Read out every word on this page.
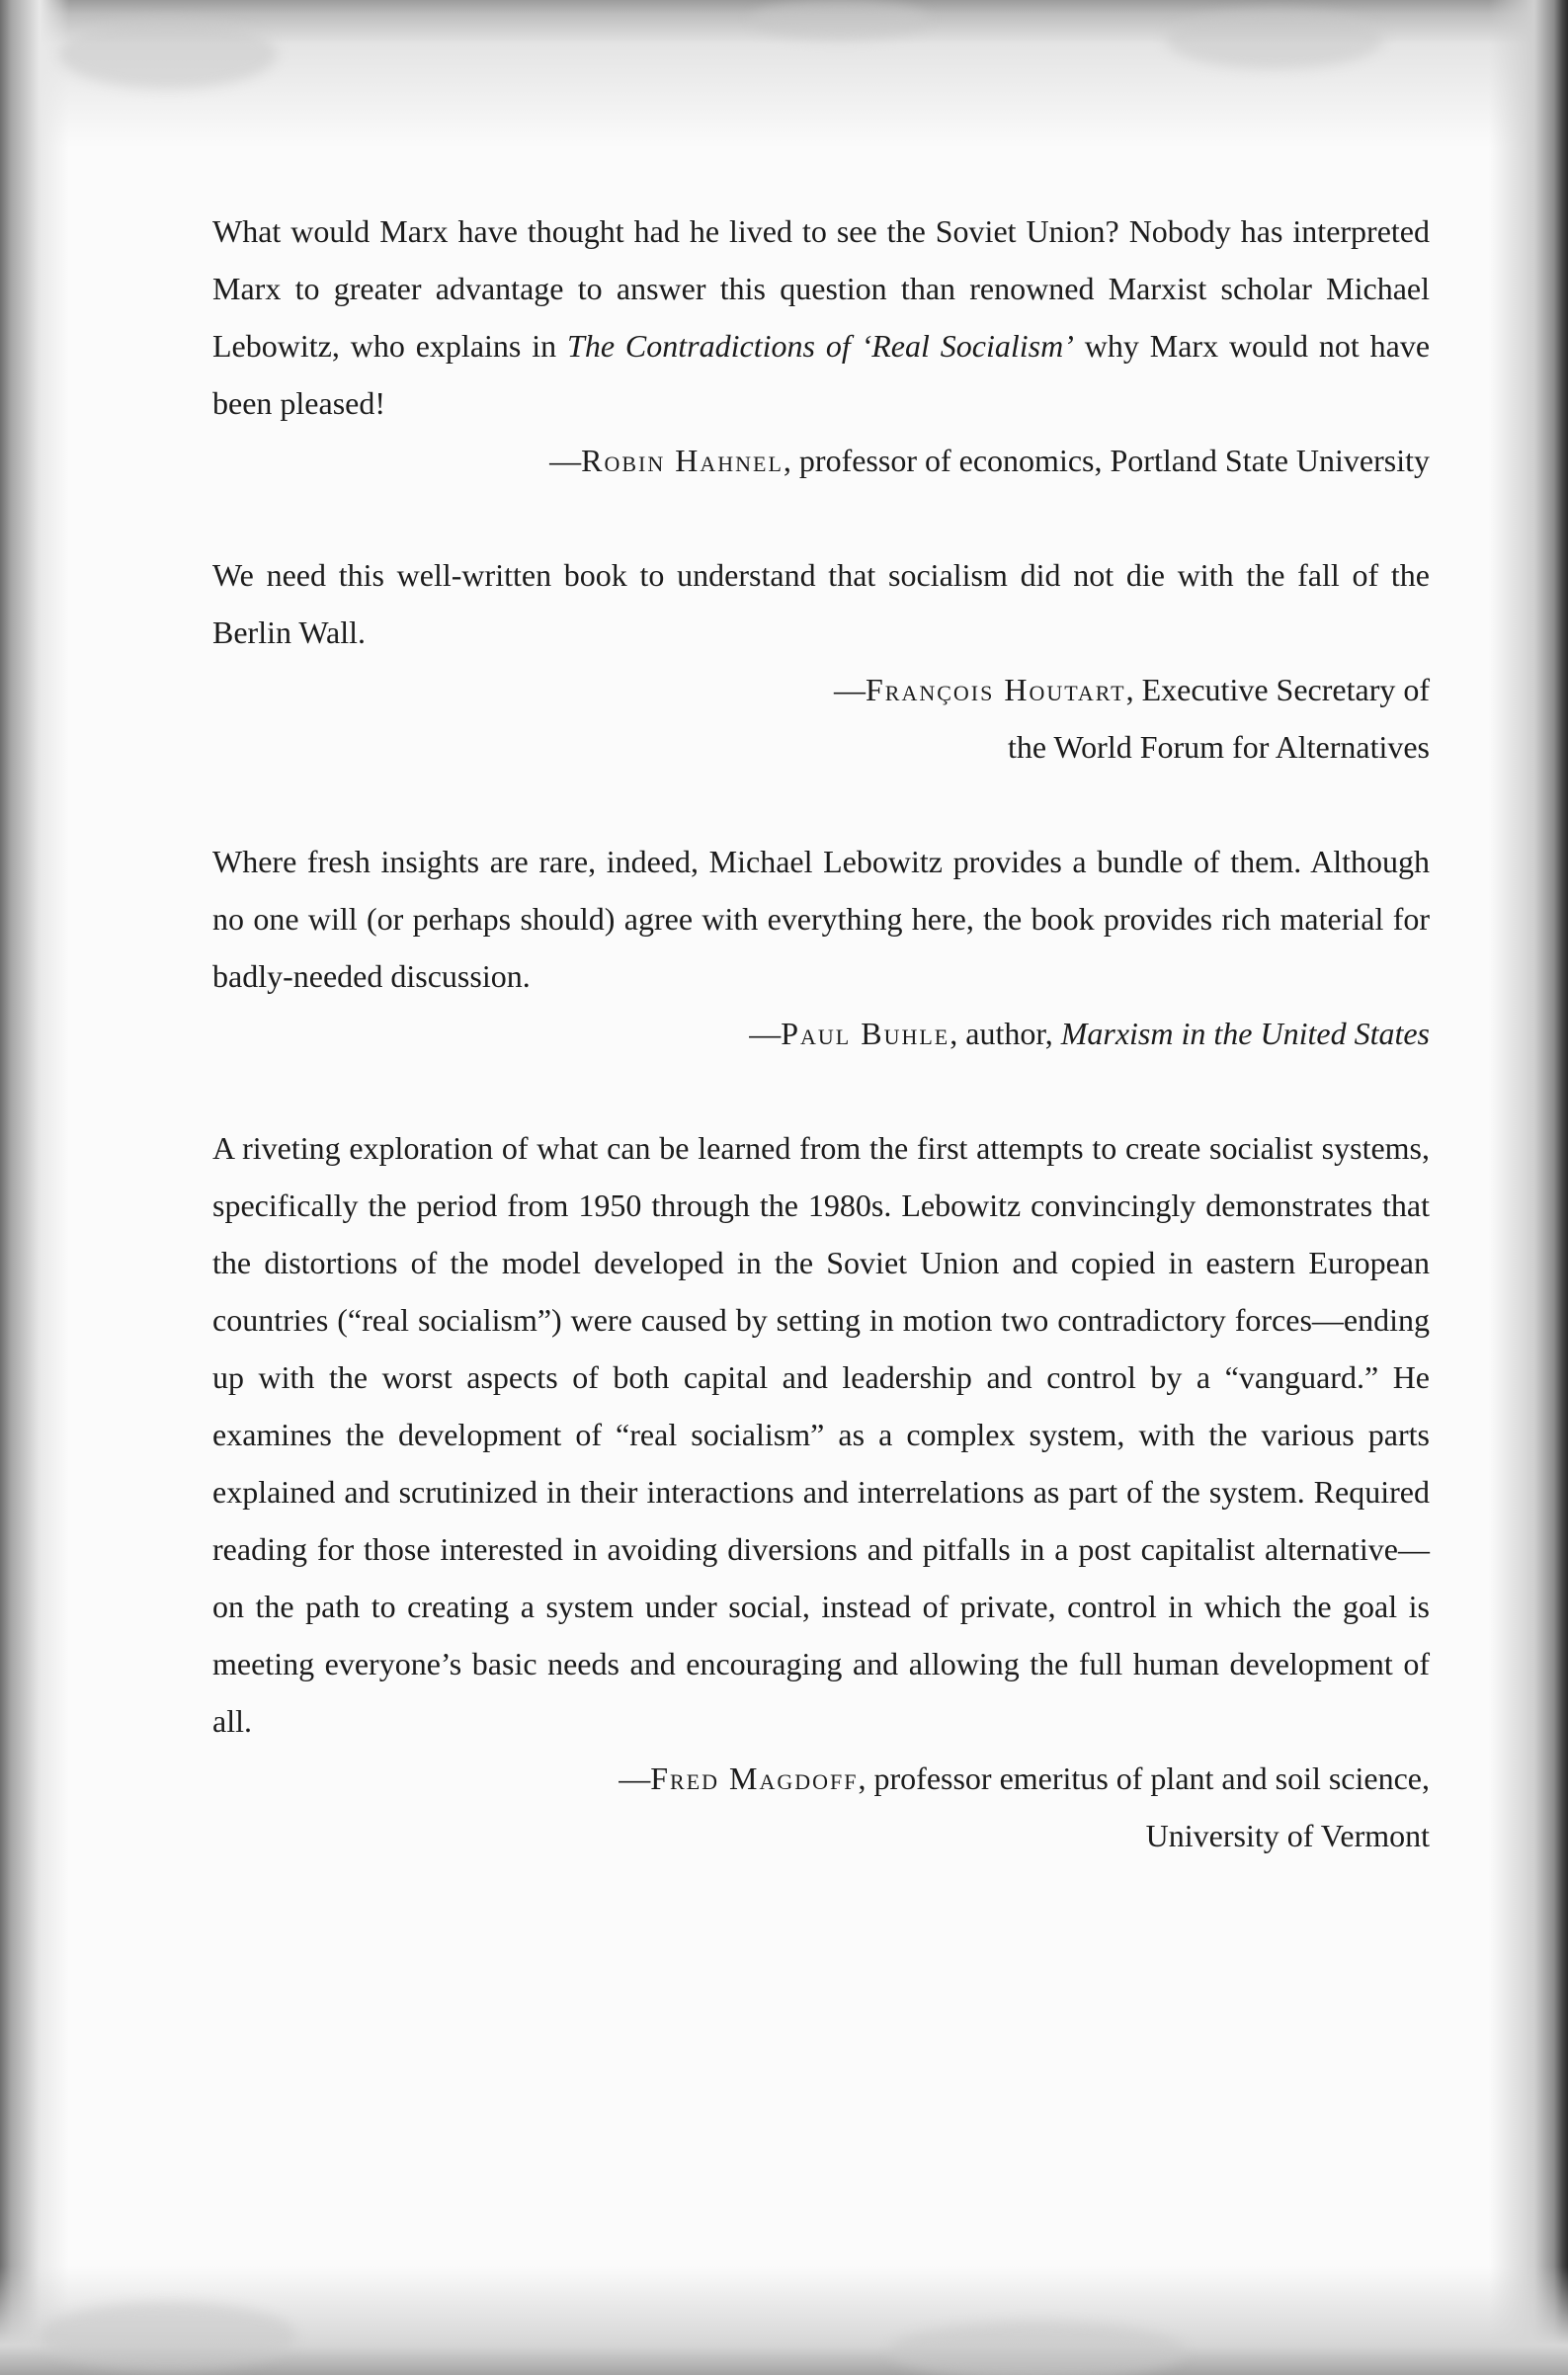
What would Marx have thought had he lived to see the Soviet Union? Nobody has interpreted Marx to greater advantage to answer this question than renowned Marxist scholar Michael Lebowitz, who explains in The Contradictions of ‘Real Socialism’ why Marx would not have been pleased!

—Robin Hahnel, professor of economics, Portland State University

We need this well-written book to understand that socialism did not die with the fall of the Berlin Wall.

—François Houtart, Executive Secretary of

the World Forum for Alternatives

Where fresh insights are rare, indeed, Michael Lebowitz provides a bundle of them. Although no one will (or perhaps should) agree with everything here, the book provides rich material for badly-needed discussion.

—Paul Buhle, author, Marxism in the United States

A riveting exploration of what can be learned from the first attempts to create socialist systems, specifically the period from 1950 through the 1980s. Lebowitz convincingly demonstrates that the distortions of the model developed in the Soviet Union and copied in eastern European countries (“real socialism”) were caused by setting in motion two contradictory forces—ending up with the worst aspects of both capital and leadership and control by a “vanguard.” He examines the development of “real socialism” as a complex system, with the various parts explained and scrutinized in their interactions and interrelations as part of the system. Required reading for those interested in avoiding diversions and pitfalls in a post capitalist alternative—on the path to creating a system under social, instead of private, control in which the goal is meeting everyone’s basic needs and encouraging and allowing the full human development of all.

—Fred Magdoff, professor emeritus of plant and soil science,

University of Vermont
